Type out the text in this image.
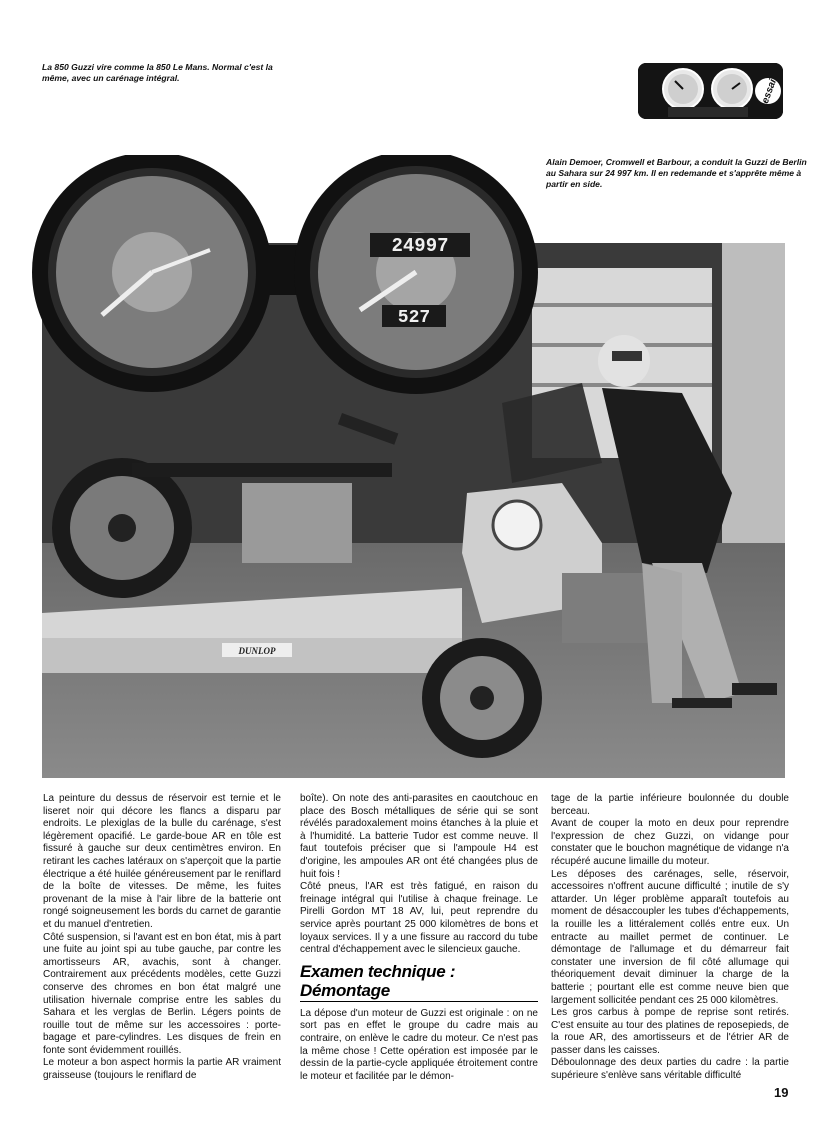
La 850 Guzzi vire comme la 850 Le Mans. Normal c'est la même, avec un carénage intégral.	essai
Alain Demoer, Cromwell et Barbour, a conduit la Guzzi de Berlin au Sahara sur 24 997 km. Il en redemande et s'apprête même à partir en side.
DUNLOP
24997
527

La peinture du dessus de réservoir est ternie et le liseret noir qui décore les flancs a disparu par endroits. Le plexiglas de la bulle du carénage, s'est légèrement opacifié. Le garde-boue AR en tôle est fissuré à gauche sur deux centimètres environ. En retirant les caches latéraux on s'aperçoit que la partie électrique a été huilée généreusement par le reniflard de la boîte de vitesses. De même, les fuites provenant de la mise à l'air libre de la batterie ont rongé soigneusement les bords du carnet de garantie et du manuel d'entretien.

Côté suspension, si l'avant est en bon état, mis à part une fuite au joint spi au tube gauche, par contre les amortisseurs AR, avachis, sont à changer. Contrairement aux précédents modèles, cette Guzzi conserve des chromes en bon état malgré une utilisation hivernale comprise entre les sables du Sahara et les verglas de Berlin. Légers points de rouille tout de même sur les accessoires : porte-bagage et pare-cylindres. Les disques de frein en fonte sont évidemment rouillés.

Le moteur a bon aspect hormis la partie AR vraiment graisseuse (toujours le reniflard de

boîte). On note des anti-parasites en caoutchouc en place des Bosch métalliques de série qui se sont révélés paradoxalement moins étanches à la pluie et à l'humidité. La batterie Tudor est comme neuve. Il faut toutefois préciser que si l'ampoule H4 est d'origine, les ampoules AR ont été changées plus de huit fois !

Côté pneus, l'AR est très fatigué, en raison du freinage intégral qui l'utilise à chaque freinage. Le Pirelli Gordon MT 18 AV, lui, peut reprendre du service après pourtant 25 000 kilomètres de bons et loyaux services. Il y a une fissure au raccord du tube central d'échappement avec le silencieux gauche.

Examen technique :
Démontage

La dépose d'un moteur de Guzzi est originale : on ne sort pas en effet le groupe du cadre mais au contraire, on enlève le cadre du moteur. Ce n'est pas la même chose ! Cette opération est imposée par le dessin de la partie-cycle appliquée étroitement contre le moteur et facilitée par le démon-

tage de la partie inférieure boulonnée du double berceau.

Avant de couper la moto en deux pour reprendre l'expression de chez Guzzi, on vidange pour constater que le bouchon magnétique de vidange n'a récupéré aucune limaille du moteur.

Les déposes des carénages, selle, réservoir, accessoires n'offrent aucune difficulté ; inutile de s'y attarder. Un léger problème apparaît toutefois au moment de désaccoupler les tubes d'échappements, la rouille les a littéralement collés entre eux. Un entracte au maillet permet de continuer. Le démontage de l'allumage et du démarreur fait constater une inversion de fil côté allumage qui théoriquement devait diminuer la charge de la batterie ; pourtant elle est comme neuve bien que largement sollicitée pendant ces 25 000 kilomètres.

Les gros carbus à pompe de reprise sont retirés. C'est ensuite au tour des platines de reposepieds, de la roue AR, des amortisseurs et de l'étrier AR de passer dans les caisses.

Déboulonnage des deux parties du cadre : la partie supérieure s'enlève sans véritable difficulté

19
